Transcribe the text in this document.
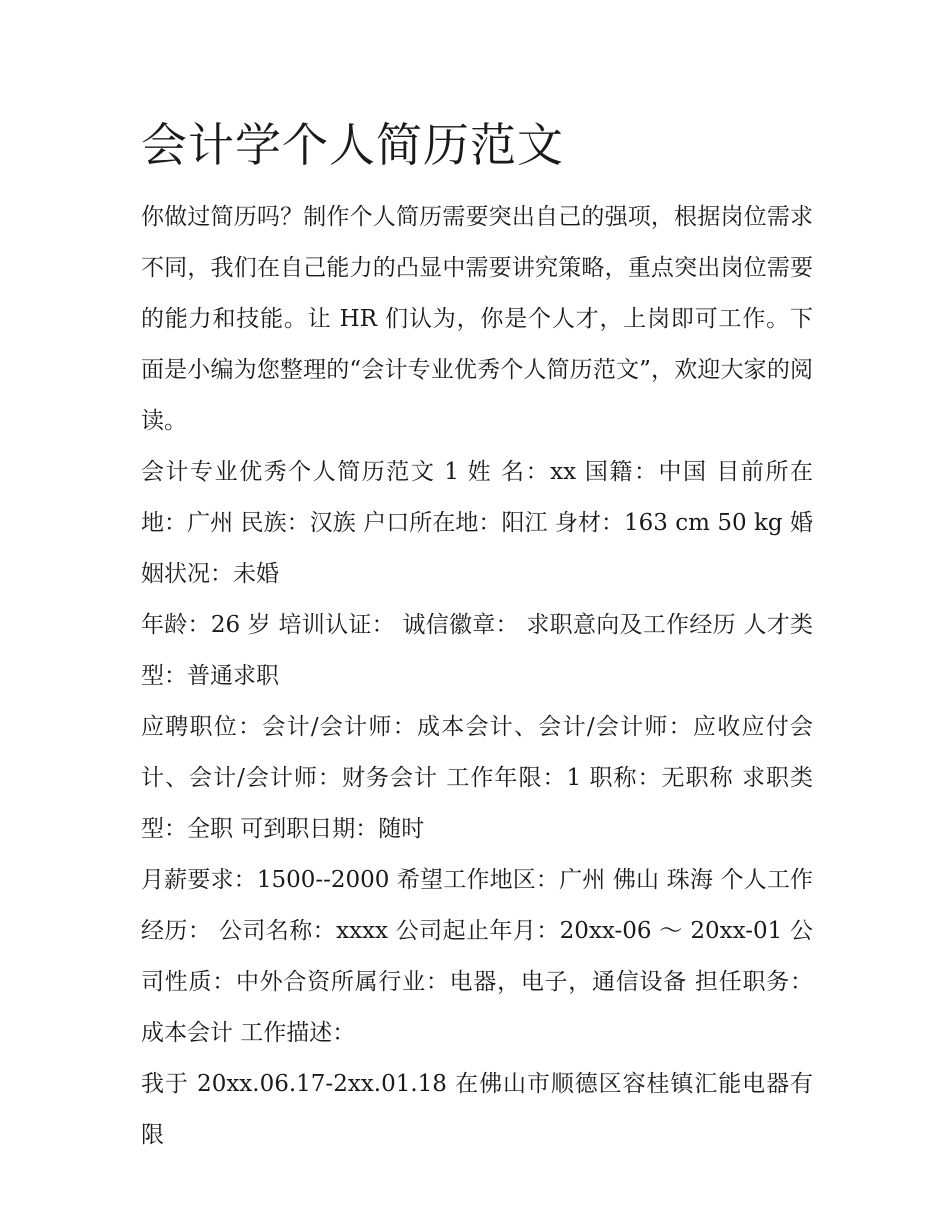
会计学个人简历范文

你做过简历吗？制作个人简历需要突出自己的强项，根据岗位需求不同，我们在自己能力的凸显中需要讲究策略，重点突出岗位需要的能力和技能。让 HR 们认为，你是个人才，上岗即可工作。下面是小编为您整理的“会计专业优秀个人简历范文”，欢迎大家的阅读。

会计专业优秀个人简历范文 1 姓 名：xx 国籍：中国 目前所在地：广州 民族：汉族 户口所在地：阳江 身材：163 cm 50 kg 婚姻状况：未婚

年龄：26 岁 培训认证： 诚信徽章： 求职意向及工作经历 人才类型：普通求职

应聘职位：会计/会计师：成本会计、会计/会计师：应收应付会计、会计/会计师：财务会计 工作年限：1 职称：无职称 求职类型：全职 可到职日期：随时

月薪要求：1500--2000 希望工作地区：广州 佛山 珠海 个人工作经历： 公司名称：xxxx 公司起止年月：20xx-06 ～ 20xx-01 公司性质：中外合资所属行业：电器，电子，通信设备 担任职务：成本会计 工作描述：

我于 20xx.06.17-2xx.01.18 在佛山市顺德区容桂镇汇能电器有限
